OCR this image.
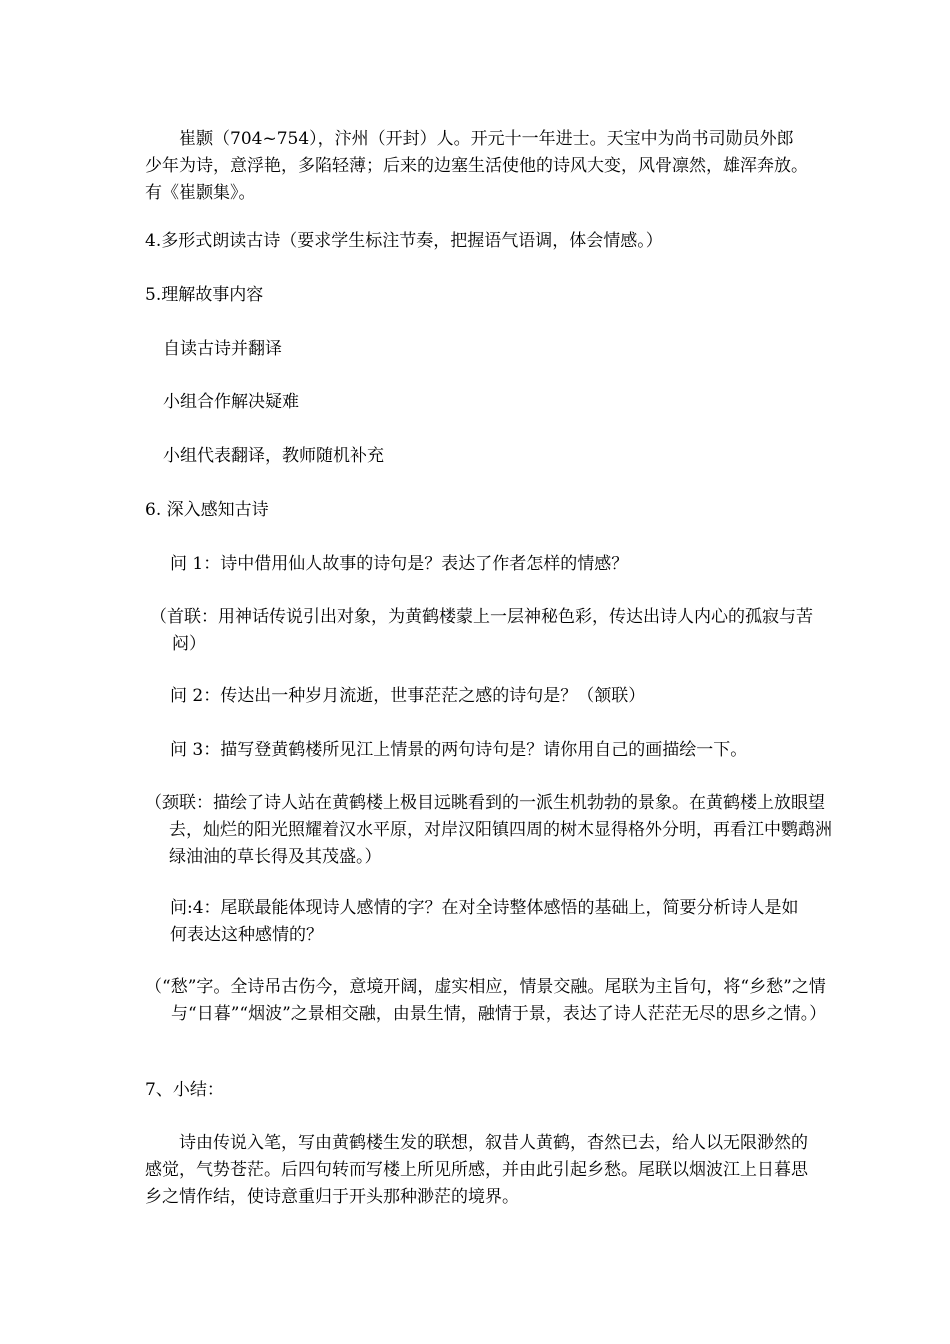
崔颢（704~754），汴州（开封）人。开元十一年进士。天宝中为尚书司勋员外郎少年为诗，意浮艳，多陷轻薄；后来的边塞生活使他的诗风大变，风骨凛然，雄浑奔放。有《崔颢集》。

4.多形式朗读古诗（要求学生标注节奏，把握语气语调，体会情感。）

5.理解故事内容

自读古诗并翻译

小组合作解决疑难

小组代表翻译，教师随机补充

6. 深入感知古诗

问 1：诗中借用仙人故事的诗句是？表达了作者怎样的情感？

（首联：用神话传说引出对象，为黄鹤楼蒙上一层神秘色彩，传达出诗人内心的孤寂与苦闷）

问 2：传达出一种岁月流逝，世事茫茫之感的诗句是？（颔联）

问 3：描写登黄鹤楼所见江上情景的两句诗句是？请你用自己的画描绘一下。

（颈联：描绘了诗人站在黄鹤楼上极目远眺看到的一派生机勃勃的景象。在黄鹤楼上放眼望去，灿烂的阳光照耀着汉水平原，对岸汉阳镇四周的树木显得格外分明，再看江中鹦鹉洲绿油油的草长得及其茂盛。）

问:4：尾联最能体现诗人感情的字？在对全诗整体感悟的基础上，简要分析诗人是如何表达这种感情的？

（“愁”字。全诗吊古伤今，意境开阔，虚实相应，情景交融。尾联为主旨句，将“乡愁”之情与“日暮”“烟波”之景相交融，由景生情，融情于景，表达了诗人茫茫无尽的思乡之情。）

7、小结：

诗由传说入笔，写由黄鹤楼生发的联想，叙昔人黄鹤，杳然已去，给人以无限渺然的感觉，气势苍茫。后四句转而写楼上所见所感，并由此引起乡愁。尾联以烟波江上日暮思乡之情作结，使诗意重归于开头那种渺茫的境界。
